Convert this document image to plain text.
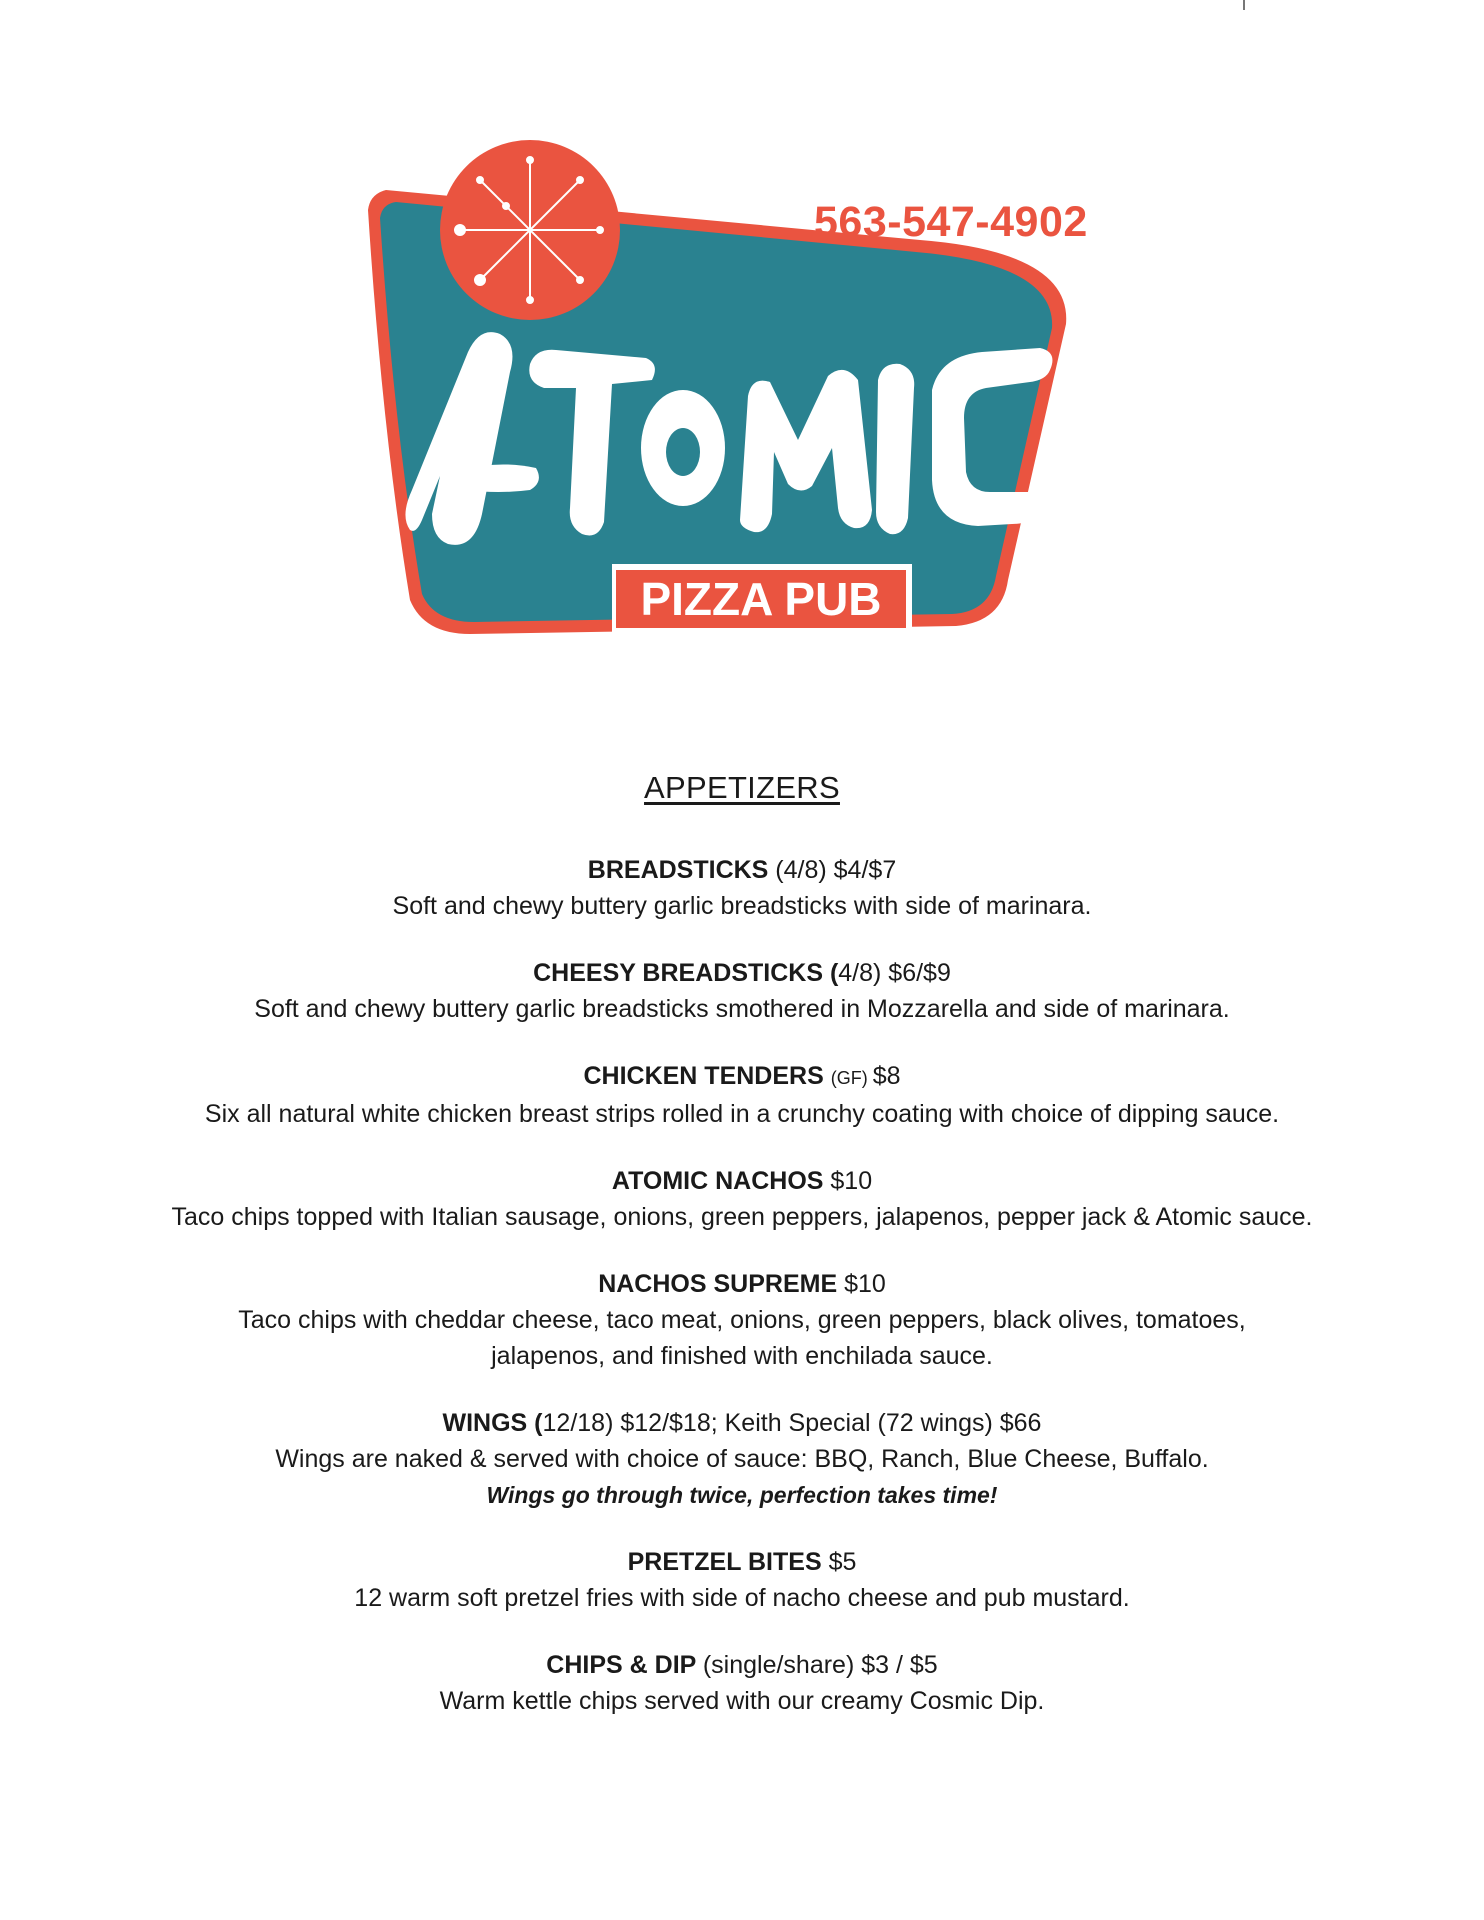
563-547-4902
PIZZA PUB
APPETIZERS
BREADSTICKS (4/8) $4/$7
Soft and chewy buttery garlic breadsticks with side of marinara.
CHEESY BREADSTICKS (4/8) $6/$9
Soft and chewy buttery garlic breadsticks smothered in Mozzarella and side of marinara.
CHICKEN TENDERS (GF) $8
Six all natural white chicken breast strips rolled in a crunchy coating with choice of dipping sauce.
ATOMIC NACHOS $10
Taco chips topped with Italian sausage, onions, green peppers, jalapenos, pepper jack & Atomic sauce.
NACHOS SUPREME $10
Taco chips with cheddar cheese, taco meat, onions, green peppers, black olives, tomatoes,
jalapenos, and finished with enchilada sauce.
WINGS (12/18) $12/$18; Keith Special (72 wings) $66
Wings are naked & served with choice of sauce: BBQ, Ranch, Blue Cheese, Buffalo.
Wings go through twice, perfection takes time!
PRETZEL BITES $5
12 warm soft pretzel fries with side of nacho cheese and pub mustard.
CHIPS & DIP (single/share) $3 / $5
Warm kettle chips served with our creamy Cosmic Dip.
